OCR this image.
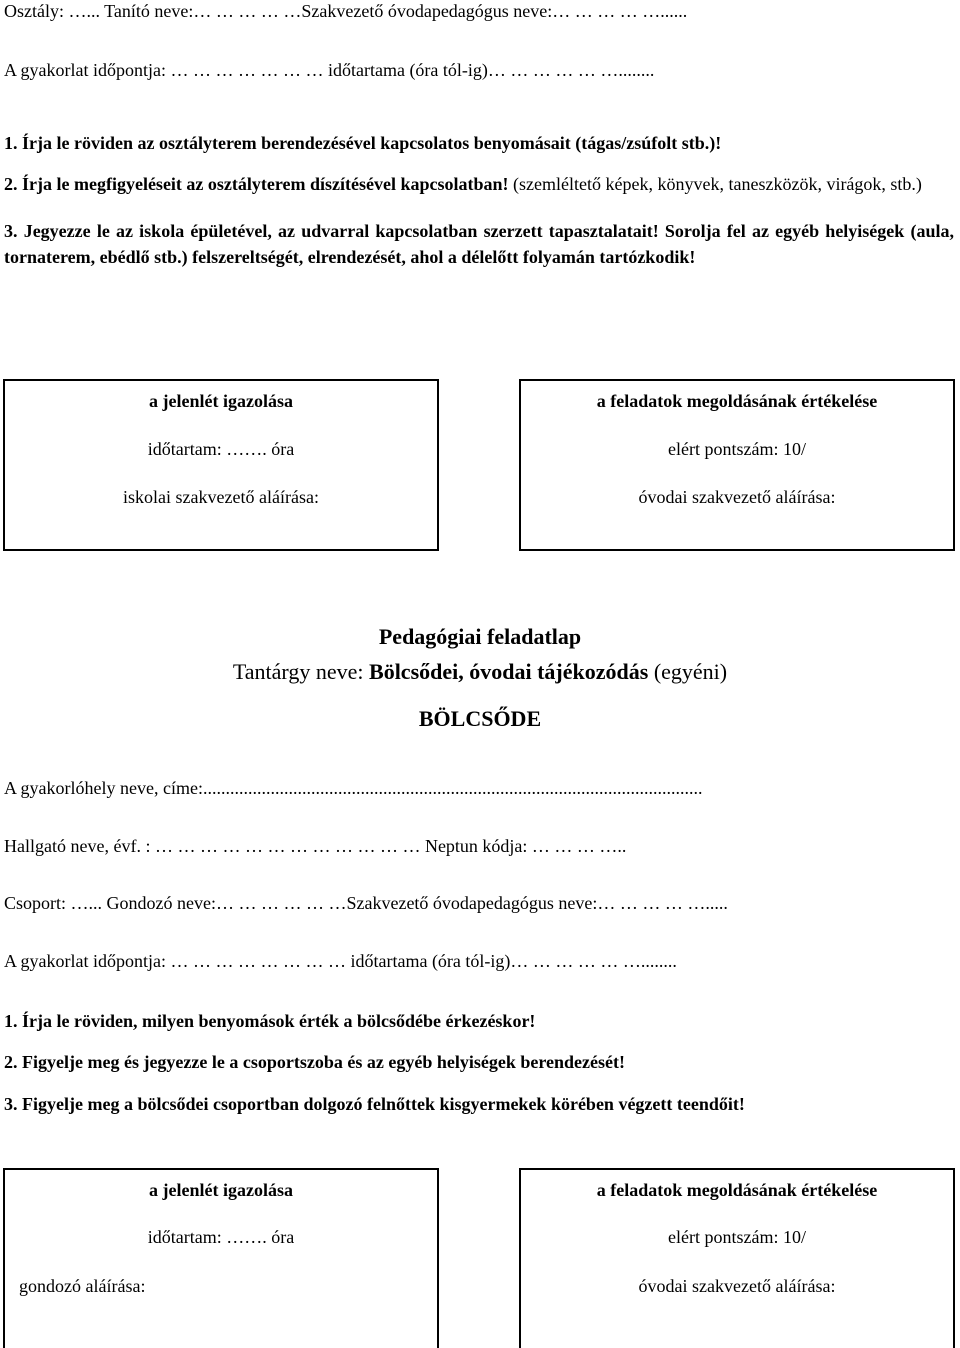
Osztály: …... Tanító neve:… … … … …Szakvezető óvodapedagógus neve:… … … … …......
A gyakorlat időpontja: … … … … … … … időtartama (óra tól-ig)… … … … … …........
1. Írja le röviden az osztályterem berendezésével kapcsolatos benyomásait (tágas/zsúfolt stb.)!
2. Írja le megfigyeléseit az osztályterem díszítésével kapcsolatban! (szemléltető képek, könyvek, taneszközök, virágok, stb.)
3. Jegyezze le az iskola épületével, az udvarral kapcsolatban szerzett tapasztalatait! Sorolja fel az egyéb helyiségek (aula, tornaterem, ebédlő stb.) felszereltségét, elrendezését, ahol a délelőtt folyamán tartózkodik!
a jelenlét igazolása
időtartam: ……. óra
iskolai szakvezető aláírása:
a feladatok megoldásának értékelése
elért pontszám: 10/
óvodai szakvezető aláírása:
Pedagógiai feladatlap
Tantárgy neve: Bölcsődei, óvodai tájékozódás (egyéni)
BÖLCSŐDE
A gyakorlóhely neve, címe:...............................................................................................................
Hallgató neve, évf. : … … … … … … … … … … … … Neptun kódja: … … … …..
Csoport: …... Gondozó neve:… … … … … …Szakvezető óvodapedagógus neve:… … … … ….....
A gyakorlat időpontja: … … … … … … … … időtartama (óra tól-ig)… … … … … …........
1. Írja le röviden, milyen benyomások érték a bölcsődébe érkezéskor!
2. Figyelje meg és jegyezze le a csoportszoba és az egyéb helyiségek berendezését!
3. Figyelje meg a bölcsődei csoportban dolgozó felnőttek kisgyermekek körében végzett teendőit!
a jelenlét igazolása
időtartam: ……. óra
gondozó aláírása:
a feladatok megoldásának értékelése
elért pontszám: 10/
óvodai szakvezető aláírása:
